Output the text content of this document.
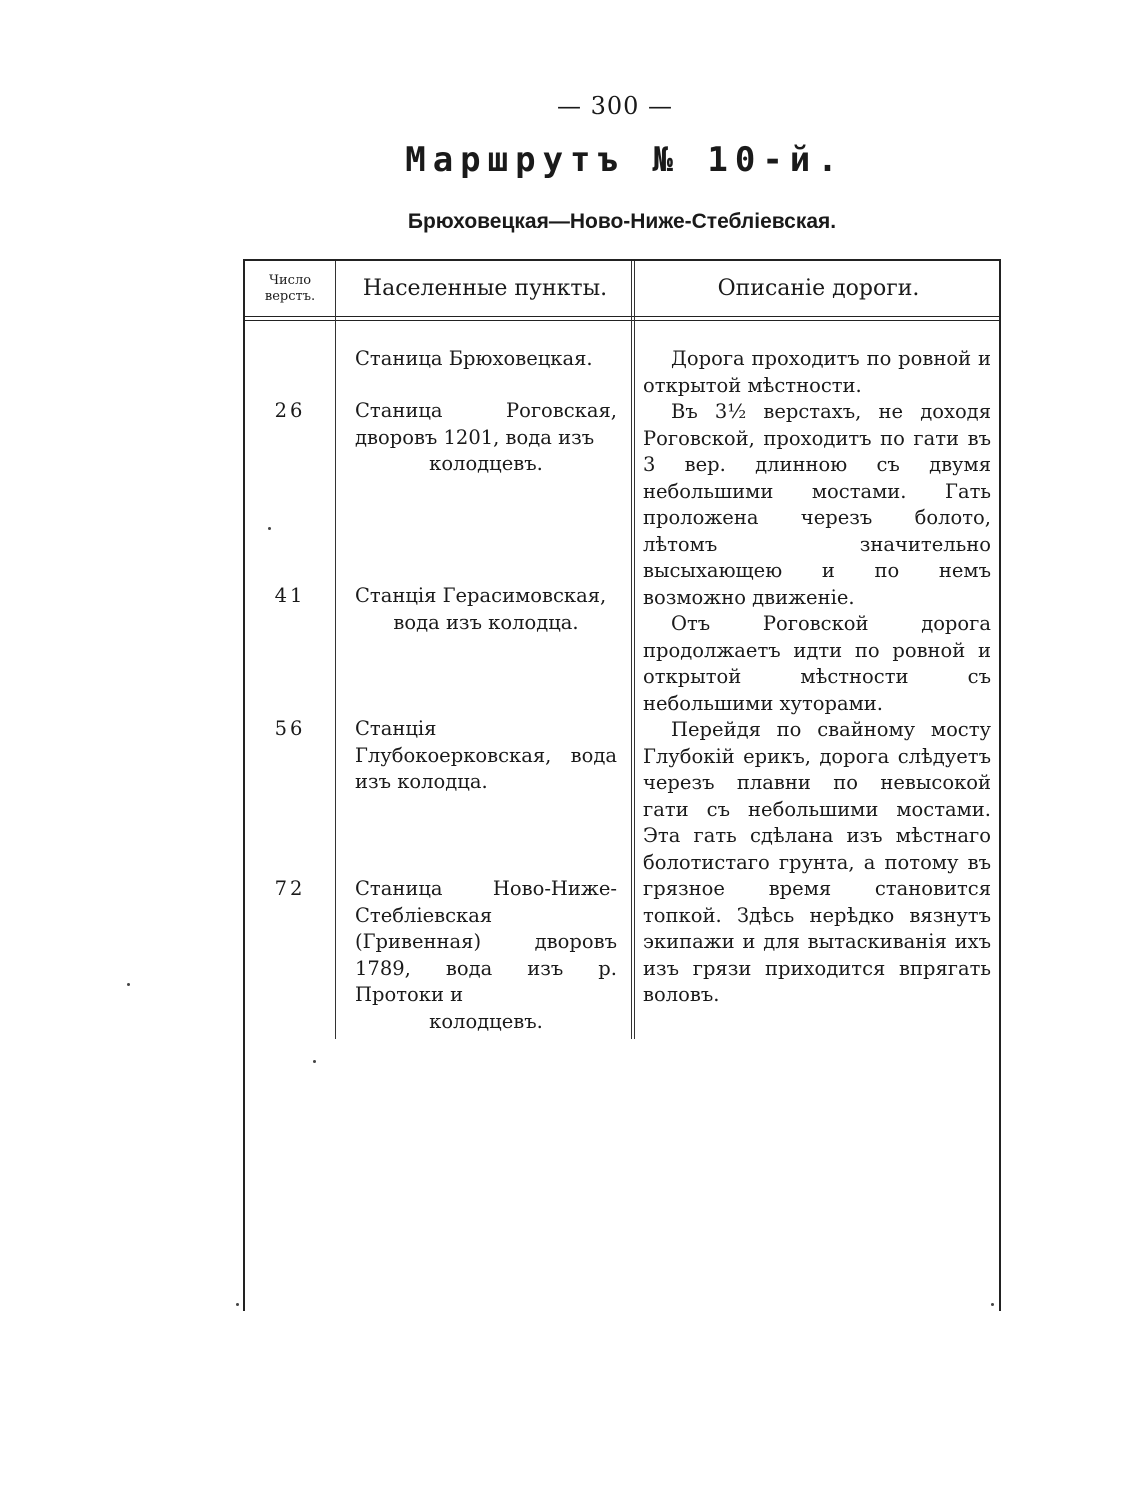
— 300 —
Маршрутъ № 10-й.
Брюховецкая—Ново-Ниже-Стебліевская.
Число верстъ.	Населенные пункты.	Описаніе дороги.
26
41
56
72
Станица Брюховецкая.
Станица Роговская, дворовъ 1201, вода изъ
колодцевъ.
Станція Герасимовская,
вода изъ колодца.
Станція Глубокоерковская, вода изъ колодца.
Станица Ново-Ниже-Стебліевская (Гривенная) дворовъ 1789, вода изъ р. Протоки и
колодцевъ.

Дорога проходитъ по ровной и открытой мѣстности.

Въ 3½ верстахъ, не доходя Роговской, проходитъ по гати въ 3 вер. длинною съ двумя небольшими мостами. Гать проложена черезъ болото, лѣтомъ значительно высыхающею и по немъ возможно движеніе.

Отъ Роговской дорога продолжаетъ идти по ровной и открытой мѣстности съ небольшими хуторами.

Перейдя по свайному мосту Глубокій ерикъ, дорога слѣдуетъ черезъ плавни по невысокой гати съ небольшими мостами. Эта гать сдѣлана изъ мѣстнаго болотистаго грунта, а потому въ грязное время становится топкой. Здѣсь нерѣдко вязнутъ экипажи и для вытаскиванія ихъ изъ грязи приходится впрягать воловъ.
